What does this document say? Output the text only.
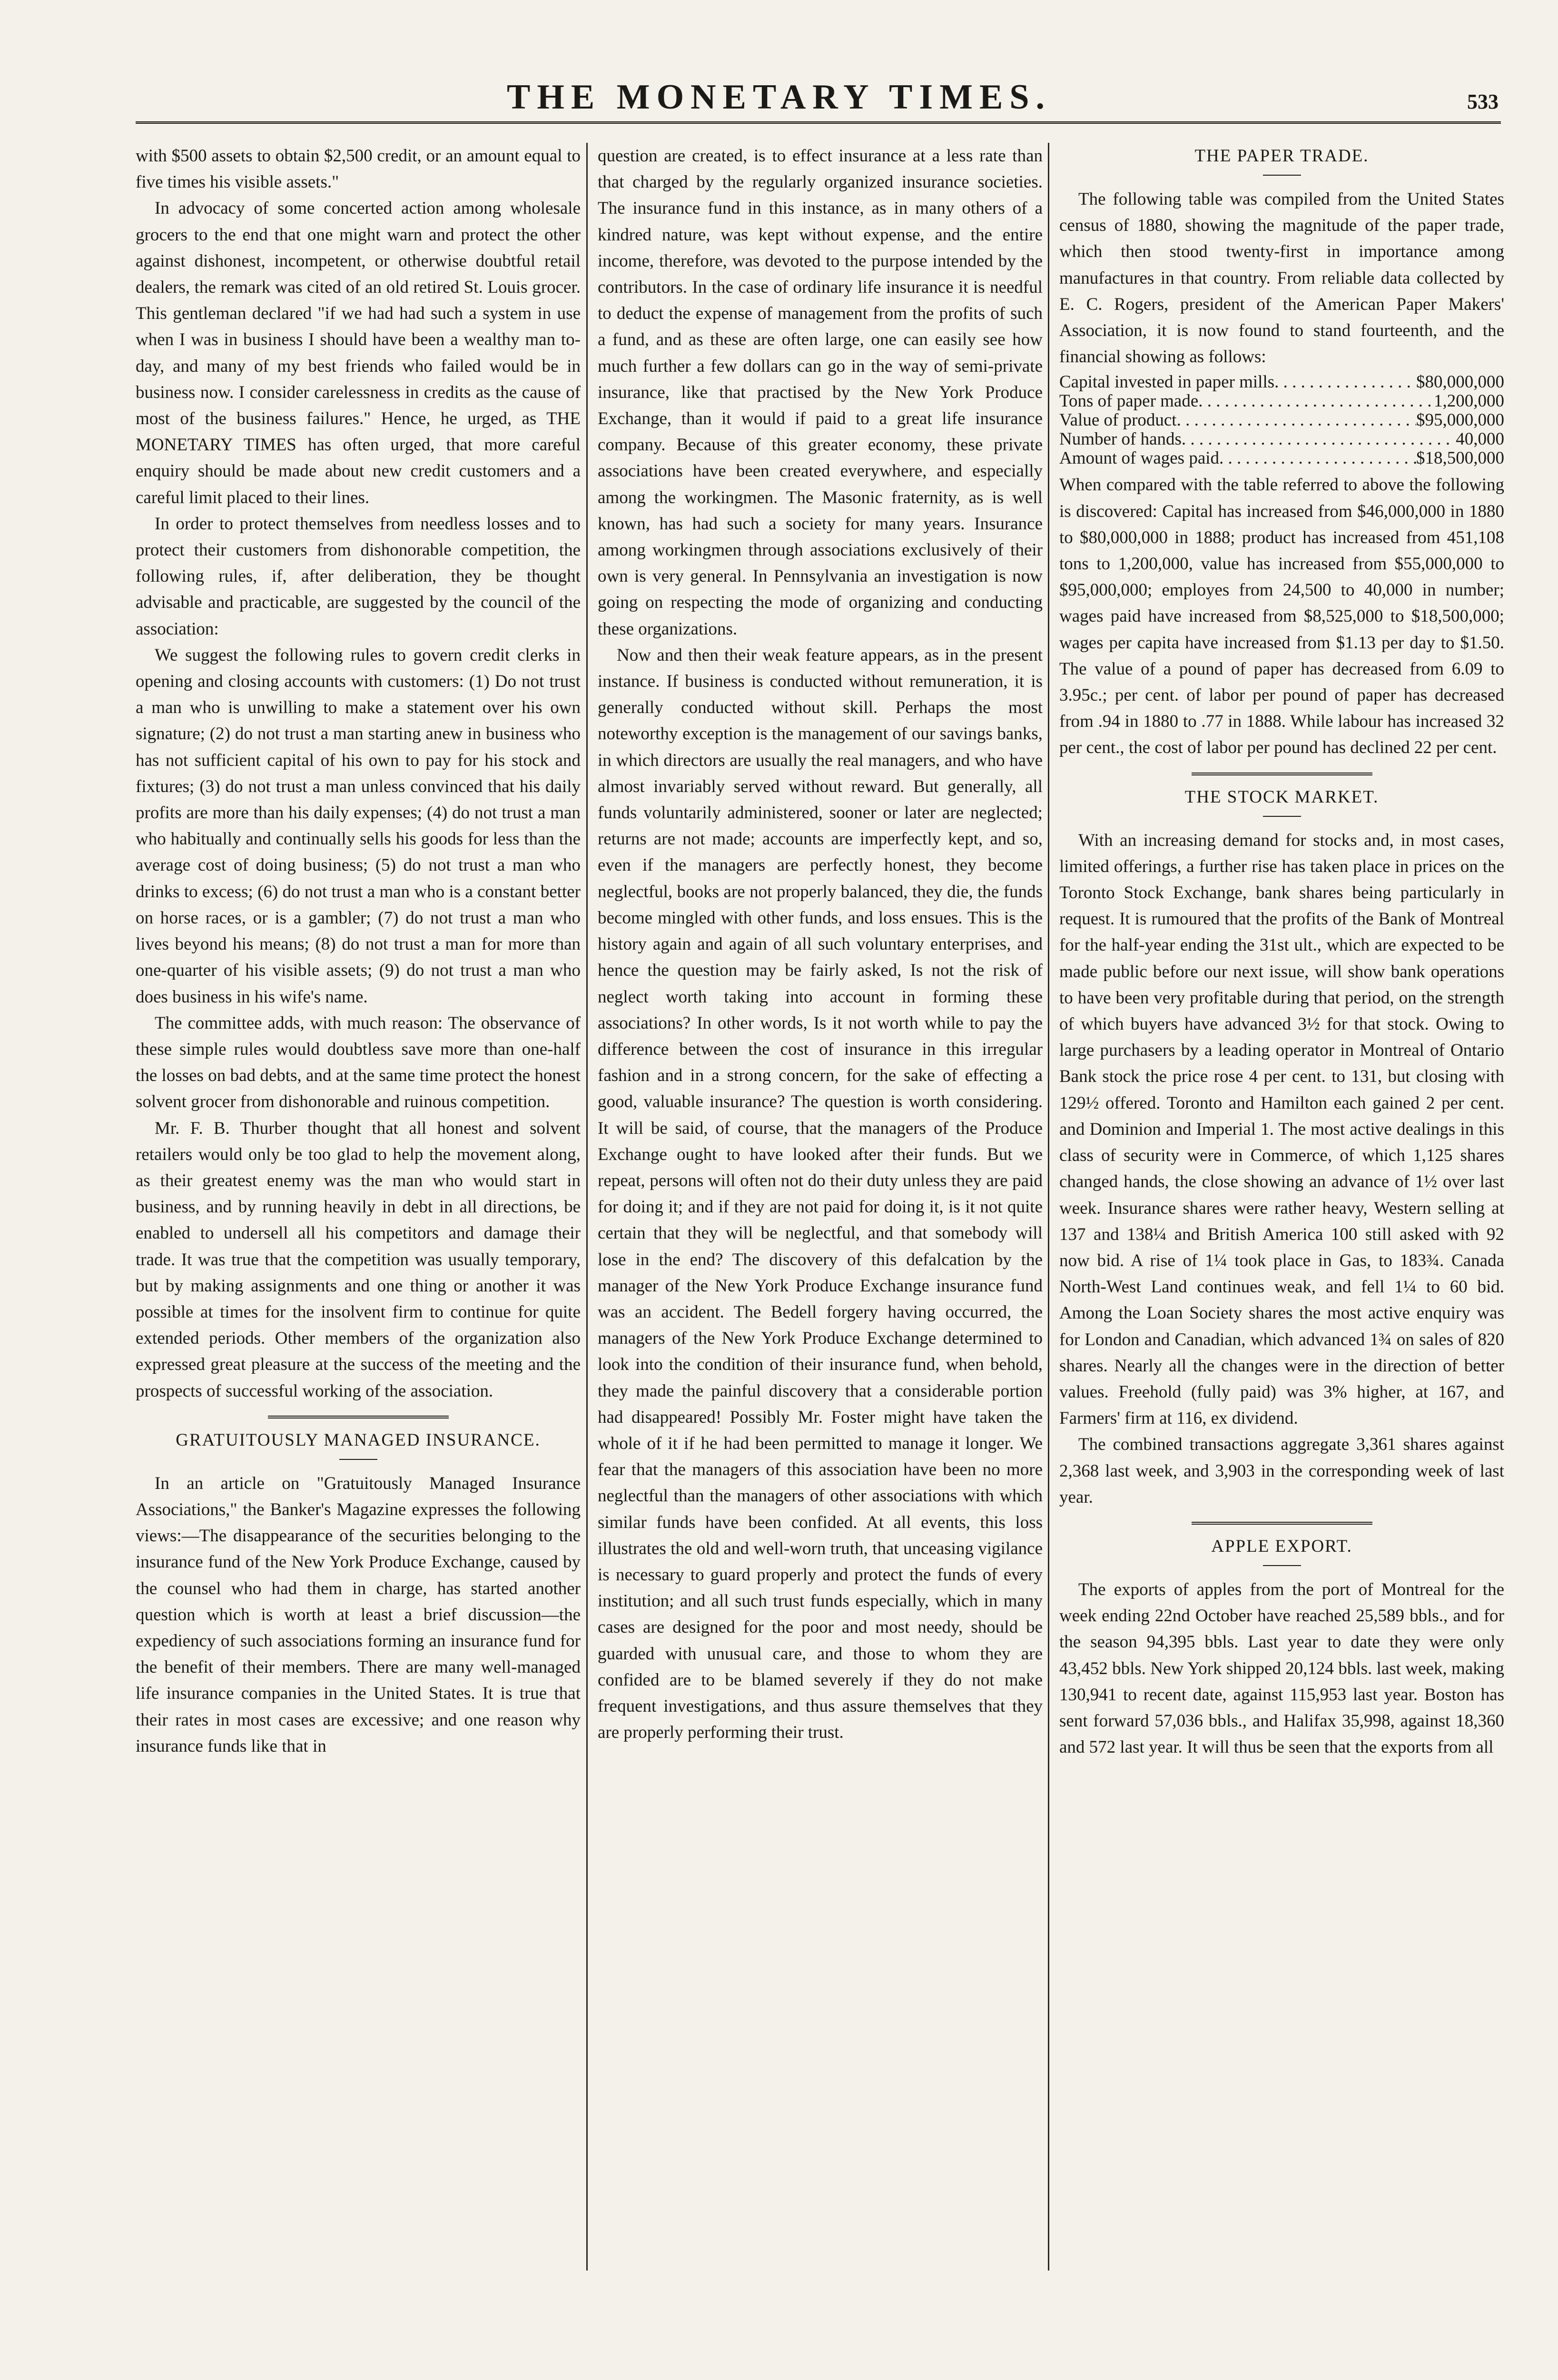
THE MONETARY TIMES.	533

with $500 assets to obtain $2,500 credit, or an amount equal to five times his visible assets."

In advocacy of some concerted action among wholesale grocers to the end that one might warn and protect the other against dishonest, incompetent, or otherwise doubtful retail dealers, the remark was cited of an old retired St. Louis grocer. This gentleman declared "if we had had such a system in use when I was in business I should have been a wealthy man to-day, and many of my best friends who failed would be in business now. I consider carelessness in credits as the cause of most of the business failures." Hence, he urged, as THE MONETARY TIMES has often urged, that more careful enquiry should be made about new credit customers and a careful limit placed to their lines.

In order to protect themselves from needless losses and to protect their customers from dishonorable competition, the following rules, if, after deliberation, they be thought advisable and practicable, are suggested by the council of the association:

We suggest the following rules to govern credit clerks in opening and closing accounts with customers: (1) Do not trust a man who is unwilling to make a statement over his own signature; (2) do not trust a man starting anew in business who has not sufficient capital of his own to pay for his stock and fixtures; (3) do not trust a man unless convinced that his daily profits are more than his daily expenses; (4) do not trust a man who habitually and continually sells his goods for less than the average cost of doing business; (5) do not trust a man who drinks to excess; (6) do not trust a man who is a constant better on horse races, or is a gambler; (7) do not trust a man who lives beyond his means; (8) do not trust a man for more than one-quarter of his visible assets; (9) do not trust a man who does business in his wife's name.

The committee adds, with much reason: The observance of these simple rules would doubtless save more than one-half the losses on bad debts, and at the same time protect the honest solvent grocer from dishonorable and ruinous competition.

Mr. F. B. Thurber thought that all honest and solvent retailers would only be too glad to help the movement along, as their greatest enemy was the man who would start in business, and by running heavily in debt in all directions, be enabled to undersell all his competitors and damage their trade. It was true that the competition was usually temporary, but by making assignments and one thing or another it was possible at times for the insolvent firm to continue for quite extended periods. Other members of the organization also expressed great pleasure at the success of the meeting and the prospects of successful working of the association.

GRATUITOUSLY MANAGED INSURANCE.

In an article on "Gratuitously Managed Insurance Associations," the Banker's Magazine expresses the following views:—The disappearance of the securities belonging to the insurance fund of the New York Produce Exchange, caused by the counsel who had them in charge, has started another question which is worth at least a brief discussion—the expediency of such associations forming an insurance fund for the benefit of their members. There are many well-managed life insurance companies in the United States. It is true that their rates in most cases are excessive; and one reason why insurance funds like that in

question are created, is to effect insurance at a less rate than that charged by the regularly organized insurance societies. The insurance fund in this instance, as in many others of a kindred nature, was kept without expense, and the entire income, therefore, was devoted to the purpose intended by the contributors. In the case of ordinary life insurance it is needful to deduct the expense of management from the profits of such a fund, and as these are often large, one can easily see how much further a few dollars can go in the way of semi-private insurance, like that practised by the New York Produce Exchange, than it would if paid to a great life insurance company. Because of this greater economy, these private associations have been created everywhere, and especially among the workingmen. The Masonic fraternity, as is well known, has had such a society for many years. Insurance among workingmen through associations exclusively of their own is very general. In Pennsylvania an investigation is now going on respecting the mode of organizing and conducting these organizations.

Now and then their weak feature appears, as in the present instance. If business is conducted without remuneration, it is generally conducted without skill. Perhaps the most noteworthy exception is the management of our savings banks, in which directors are usually the real managers, and who have almost invariably served without reward. But generally, all funds voluntarily administered, sooner or later are neglected; returns are not made; accounts are imperfectly kept, and so, even if the managers are perfectly honest, they become neglectful, books are not properly balanced, they die, the funds become mingled with other funds, and loss ensues. This is the history again and again of all such voluntary enterprises, and hence the question may be fairly asked, Is not the risk of neglect worth taking into account in forming these associations? In other words, Is it not worth while to pay the difference between the cost of insurance in this irregular fashion and in a strong concern, for the sake of effecting a good, valuable insurance? The question is worth considering. It will be said, of course, that the managers of the Produce Exchange ought to have looked after their funds. But we repeat, persons will often not do their duty unless they are paid for doing it; and if they are not paid for doing it, is it not quite certain that they will be neglectful, and that somebody will lose in the end? The discovery of this defalcation by the manager of the New York Produce Exchange insurance fund was an accident. The Bedell forgery having occurred, the managers of the New York Produce Exchange determined to look into the condition of their insurance fund, when behold, they made the painful discovery that a considerable portion had disappeared! Possibly Mr. Foster might have taken the whole of it if he had been permitted to manage it longer. We fear that the managers of this association have been no more neglectful than the managers of other associations with which similar funds have been confided. At all events, this loss illustrates the old and well-worn truth, that unceasing vigilance is necessary to guard properly and protect the funds of every institution; and all such trust funds especially, which in many cases are designed for the poor and most needy, should be guarded with unusual care, and those to whom they are confided are to be blamed severely if they do not make frequent investigations, and thus assure themselves that they are properly performing their trust.

THE PAPER TRADE.

The following table was compiled from the United States census of 1880, showing the magnitude of the paper trade, which then stood twenty-first in importance among manufactures in that country. From reliable data collected by E. C. Rogers, president of the American Paper Makers' Association, it is now found to stand fourteenth, and the financial showing as follows:

Capital invested in paper mills . . .	$80,000,000
Tons of paper made . . .	1,200,000
Value of product . . .	$95,000,000
Number of hands . . .	40,000
Amount of wages paid . . .	$18,500,000

When compared with the table referred to above the following is discovered: Capital has increased from $46,000,000 in 1880 to $80,000,000 in 1888; product has increased from 451,108 tons to 1,200,000, value has increased from $55,000,000 to $95,000,000; employes from 24,500 to 40,000 in number; wages paid have increased from $8,525,000 to $18,500,000; wages per capita have increased from $1.13 per day to $1.50. The value of a pound of paper has decreased from 6.09 to 3.95c.; per cent. of labor per pound of paper has decreased from .94 in 1880 to .77 in 1888. While labour has increased 32 per cent., the cost of labor per pound has declined 22 per cent.

THE STOCK MARKET.

With an increasing demand for stocks and, in most cases, limited offerings, a further rise has taken place in prices on the Toronto Stock Exchange, bank shares being particularly in request. It is rumoured that the profits of the Bank of Montreal for the half-year ending the 31st ult., which are expected to be made public before our next issue, will show bank operations to have been very profitable during that period, on the strength of which buyers have advanced 3½ for that stock. Owing to large purchasers by a leading operator in Montreal of Ontario Bank stock the price rose 4 per cent. to 131, but closing with 129½ offered. Toronto and Hamilton each gained 2 per cent. and Dominion and Imperial 1. The most active dealings in this class of security were in Commerce, of which 1,125 shares changed hands, the close showing an advance of 1½ over last week. Insurance shares were rather heavy, Western selling at 137 and 138¼ and British America 100 still asked with 92 now bid. A rise of 1¼ took place in Gas, to 183¾. Canada North-West Land continues weak, and fell 1¼ to 60 bid. Among the Loan Society shares the most active enquiry was for London and Canadian, which advanced 1¾ on sales of 820 shares. Nearly all the changes were in the direction of better values. Freehold (fully paid) was 3% higher, at 167, and Farmers' firm at 116, ex dividend.

The combined transactions aggregate 3,361 shares against 2,368 last week, and 3,903 in the corresponding week of last year.

APPLE EXPORT.

The exports of apples from the port of Montreal for the week ending 22nd October have reached 25,589 bbls., and for the season 94,395 bbls. Last year to date they were only 43,452 bbls. New York shipped 20,124 bbls. last week, making 130,941 to recent date, against 115,953 last year. Boston has sent forward 57,036 bbls., and Halifax 35,998, against 18,360 and 572 last year. It will thus be seen that the exports from all
